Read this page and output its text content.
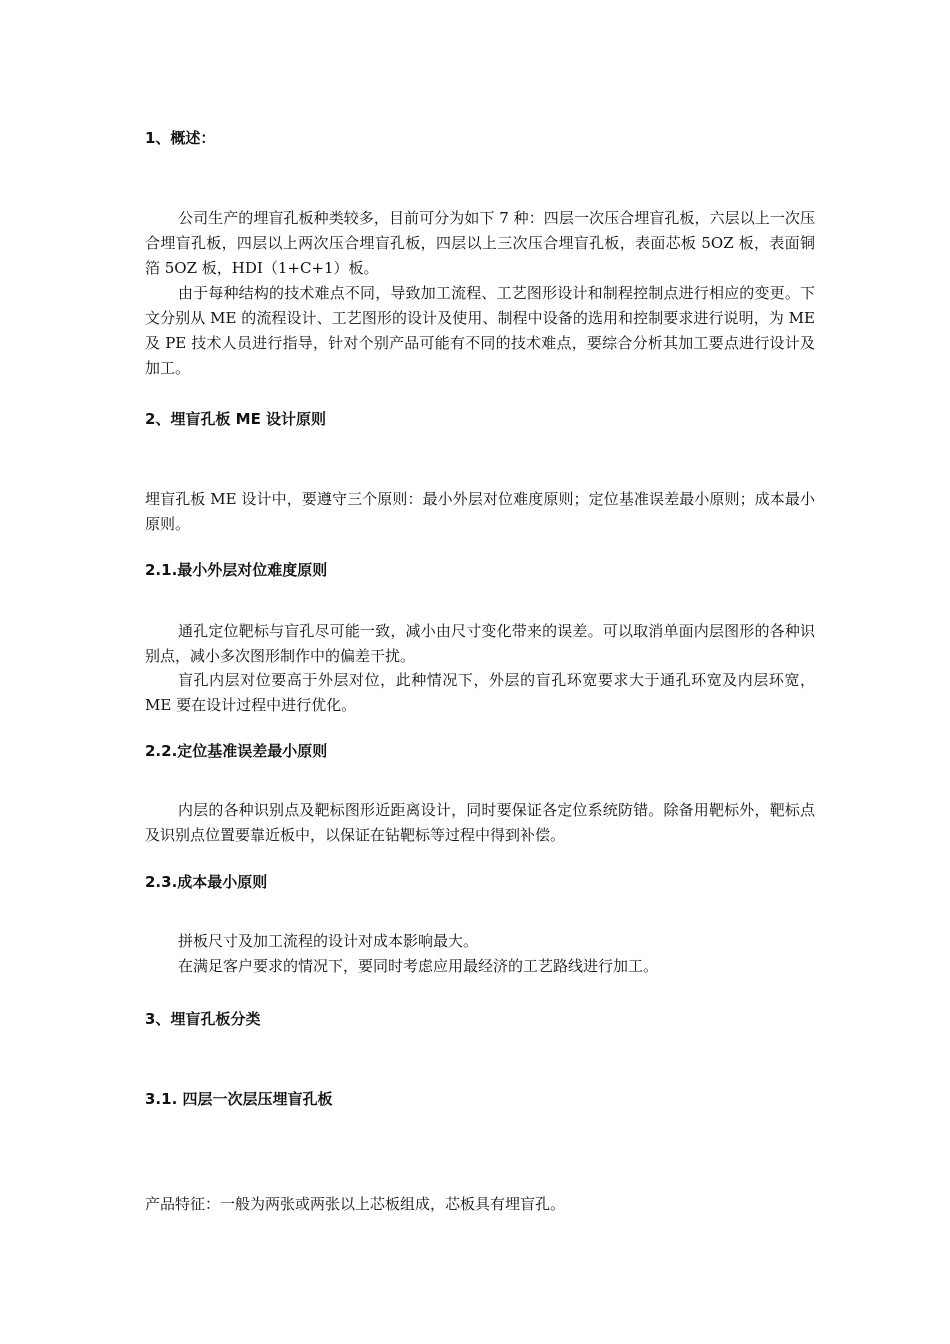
1、概述：

公司生产的埋盲孔板种类较多，目前可分为如下 7 种：四层一次压合埋盲孔板，六层以上一次压合埋盲孔板，四层以上两次压合埋盲孔板，四层以上三次压合埋盲孔板，表面芯板 5OZ 板，表面铜箔 5OZ 板，HDI（1+C+1）板。

由于每种结构的技术难点不同，导致加工流程、工艺图形设计和制程控制点进行相应的变更。下文分别从 ME 的流程设计、工艺图形的设计及使用、制程中设备的选用和控制要求进行说明，为 ME 及 PE 技术人员进行指导，针对个别产品可能有不同的技术难点，要综合分析其加工要点进行设计及加工。

2、埋盲孔板 ME 设计原则

埋盲孔板 ME 设计中，要遵守三个原则：最小外层对位难度原则；定位基准误差最小原则；成本最小原则。

2.1.最小外层对位难度原则

通孔定位靶标与盲孔尽可能一致，减小由尺寸变化带来的误差。可以取消单面内层图形的各种识别点，减小多次图形制作中的偏差干扰。

盲孔内层对位要高于外层对位，此种情况下，外层的盲孔环宽要求大于通孔环宽及内层环宽，ME 要在设计过程中进行优化。

2.2.定位基准误差最小原则

内层的各种识别点及靶标图形近距离设计，同时要保证各定位系统防错。除备用靶标外，靶标点及识别点位置要靠近板中，以保证在钻靶标等过程中得到补偿。

2.3.成本最小原则

拼板尺寸及加工流程的设计对成本影响最大。

在满足客户要求的情况下，要同时考虑应用最经济的工艺路线进行加工。

3、埋盲孔板分类
3.1. 四层一次层压埋盲孔板

产品特征：一般为两张或两张以上芯板组成，芯板具有埋盲孔。
